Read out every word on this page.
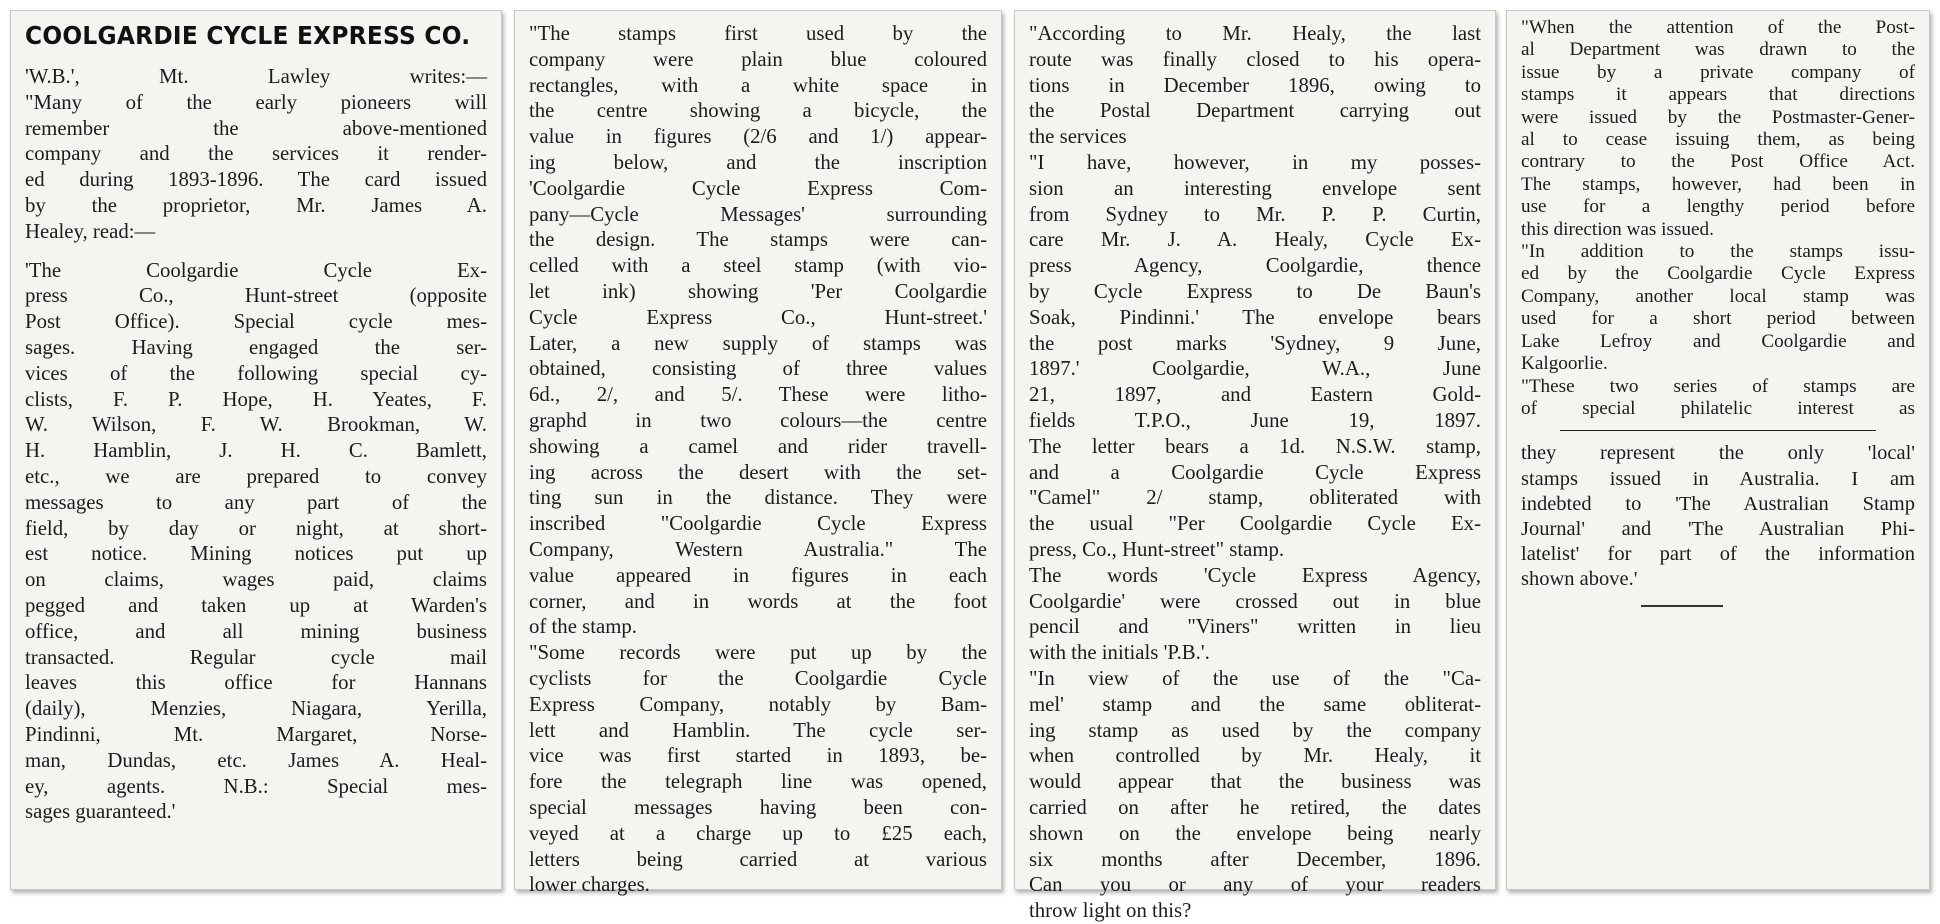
COOLGARDIE CYCLE EXPRESS CO.
'W.B.', Mt. Lawley writes:—
"Many of the early pioneers will
remember the above-mentioned
company and the services it render-
ed during 1893-1896. The card issued
by the proprietor, Mr. James A.
Healey, read:—
'The Coolgardie Cycle Ex-
press Co., Hunt-street (opposite
Post Office). Special cycle mes-
sages. Having engaged the ser-
vices of the following special cy-
clists, F. P. Hope, H. Yeates, F.
W. Wilson, F. W. Brookman, W.
H. Hamblin, J. H. C. Bamlett,
etc., we are prepared to convey
messages to any part of the
field, by day or night, at short-
est notice. Mining notices put up
on claims, wages paid, claims
pegged and taken up at Warden's
office, and all mining business
transacted. Regular cycle mail
leaves this office for Hannans
(daily), Menzies, Niagara, Yerilla,
Pindinni, Mt. Margaret, Norse-
man, Dundas, etc. James A. Heal-
ey, agents. N.B.: Special mes-
sages guaranteed.'
"The stamps first used by the
company were plain blue coloured
rectangles, with a white space in
the centre showing a bicycle, the
value in figures (2/6 and 1/) appear-
ing below, and the inscription
'Coolgardie Cycle Express Com-
pany—Cycle Messages' surrounding
the design. The stamps were can-
celled with a steel stamp (with vio-
let ink) showing 'Per Coolgardie
Cycle Express Co., Hunt-street.'
Later, a new supply of stamps was
obtained, consisting of three values
6d., 2/, and 5/. These were litho-
graphd in two colours—the centre
showing a camel and rider travell-
ing across the desert with the set-
ting sun in the distance. They were
inscribed "Coolgardie Cycle Express
Company, Western Australia." The
value appeared in figures in each
corner, and in words at the foot
of the stamp.
"Some records were put up by the
cyclists for the Coolgardie Cycle
Express Company, notably by Bam-
lett and Hamblin. The cycle ser-
vice was first started in 1893, be-
fore the telegraph line was opened,
special messages having been con-
veyed at a charge up to £25 each,
letters being carried at various
lower charges.
"According to Mr. Healy, the last
route was finally closed to his opera-
tions in December 1896, owing to
the Postal Department carrying out
the services
"I have, however, in my posses-
sion an interesting envelope sent
from Sydney to Mr. P. P. Curtin,
care Mr. J. A. Healy, Cycle Ex-
press Agency, Coolgardie, thence
by Cycle Express to De Baun's
Soak, Pindinni.' The envelope bears
the post marks 'Sydney, 9 June,
1897.' Coolgardie, W.A., June
21, 1897, and Eastern Gold-
fields T.P.O., June 19, 1897.
The letter bears a 1d. N.S.W. stamp,
and a Coolgardie Cycle Express
"Camel" 2/ stamp, obliterated with
the usual "Per Coolgardie Cycle Ex-
press, Co., Hunt-street" stamp.
The words 'Cycle Express Agency,
Coolgardie' were crossed out in blue
pencil and "Viners" written in lieu
with the initials 'P.B.'.
"In view of the use of the "Ca-
mel' stamp and the same obliterat-
ing stamp as used by the company
when controlled by Mr. Healy, it
would appear that the business was
carried on after he retired, the dates
shown on the envelope being nearly
six months after December, 1896.
Can you or any of your readers
throw light on this?
"When the attention of the Post-
al Department was drawn to the
issue by a private company of
stamps it appears that directions
were issued by the Postmaster-Gener-
al to cease issuing them, as being
contrary to the Post Office Act.
The stamps, however, had been in
use for a lengthy period before
this direction was issued.
"In addition to the stamps issu-
ed by the Coolgardie Cycle Express
Company, another local stamp was
used for a short period between
Lake Lefroy and Coolgardie and
Kalgoorlie.
"These two series of stamps are
of special philatelic interest as
they represent the only 'local'
stamps issued in Australia. I am
indebted to 'The Australian Stamp
Journal' and 'The Australian Phi-
latelist' for part of the information
shown above.'
